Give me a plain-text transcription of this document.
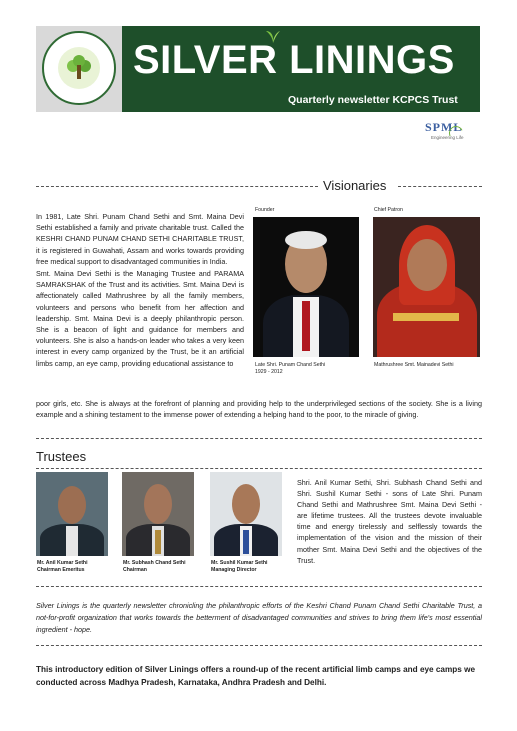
SILVER LININGS
Quarterly newsletter KCPCS Trust
SPML
Engineering Life
Visionaries
In 1981, Late Shri. Punam Chand Sethi and Smt. Maina Devi Sethi established a family and private charitable trust. Called the KESHRI CHAND PUNAM CHAND SETHI CHARITABLE TRUST, it is registered in Guwahati, Assam and works towards providing free medical support to disadvantaged communities in India.
Smt. Maina Devi Sethi is the Managing Trustee and PARAMA SAMRAKSHAK of the Trust and its activities. Smt. Maina Devi is affectionately called Mathrushree by all the family members, volunteers and persons who benefit from her affection and leadership. Smt. Maina Devi is a deeply philanthropic person. She is a beacon of light and guidance for members and volunteers. She is also a hands-on leader who takes a very keen interest in every camp organized by the Trust, be it an artificial limbs camp, an eye camp, providing educational assistance to
poor girls, etc. She is always at the forefront of planning and providing help to the underprivileged sections of the society. She is a living example and a shining testament to the immense power of extending a helping hand to the poor, to the miracle of giving.
Founder
Late Shri. Punam Chand Sethi
1929 - 2012
Chief Patron
Mathrushree Smt. Mainadevi Sethi
Trustees
Mr. Anil Kumar Sethi
Chairman Emeritus
Mr. Subhash Chand Sethi
Chairman
Mr. Sushil Kumar Sethi
Managing Director
Shri. Anil Kumar Sethi, Shri. Subhash Chand Sethi and Shri. Sushil Kumar Sethi - sons of Late Shri. Punam Chand Sethi and Mathrushree Smt. Maina Devi Sethi - are lifetime trustees. All the trustees devote invaluable time and energy tirelessly and selflessly towards the implementation of the vision and the mission of their mother Smt. Maina Devi Sethi and the objectives of the Trust.
Silver Linings is the quarterly newsletter chronicling the philanthropic efforts of the Keshri Chand Punam Chand Sethi Charitable Trust, a not-for-profit organization that works towards the betterment of disadvantaged communities and strives to bring them life's most essential ingredient - hope.
This introductory edition of Silver Linings offers a round-up of the recent artificial limb camps and eye camps we conducted across Madhya Pradesh, Karnataka, Andhra Pradesh and Delhi.
